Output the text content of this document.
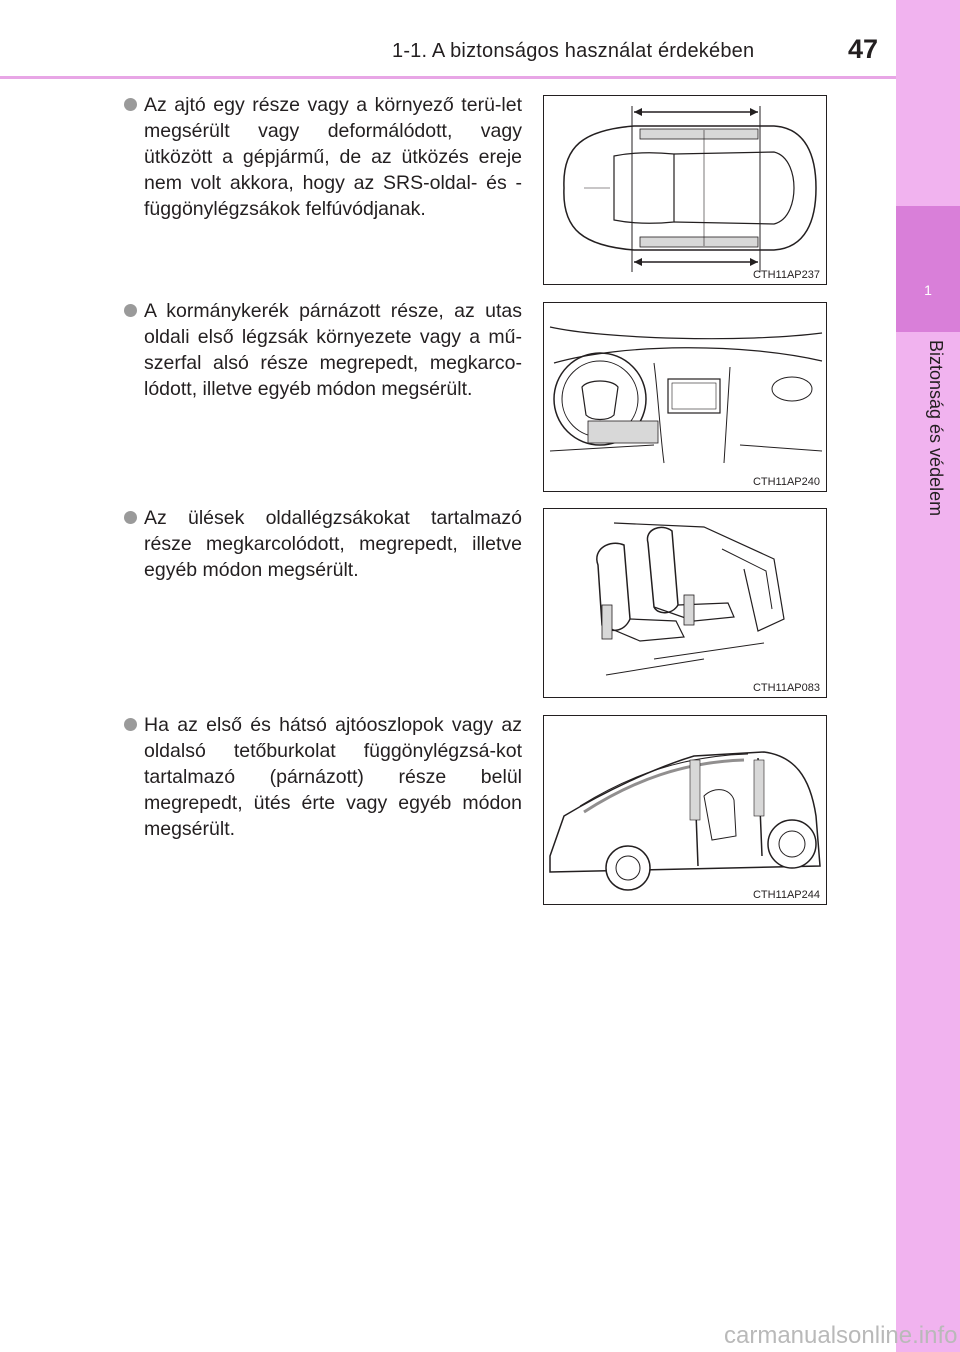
1-1. A biztonságos használat érdekében	47
1
Biztonság és védelem
Az ajtó egy része vagy a környező terü-let megsérült vagy deformálódott, vagy ütközött a gépjármű, de az ütközés ereje nem volt akkora, hogy az SRS-oldal- és -függönylégzsákok felfúvódjanak.
CTH11AP237
A kormánykerék párnázott része, az utas oldali első légzsák környezete vagy a mű-szerfal alsó része megrepedt, megkarco-lódott, illetve egyéb módon megsérült.
CTH11AP240
Az ülések oldallégzsákokat tartalmazó része megkarcolódott, megrepedt, illetve egyéb módon megsérült.
CTH11AP083
Ha az első és hátsó ajtóoszlopok vagy az oldalsó tetőburkolat függönylégzsá-kot tartalmazó (párnázott) része belül megrepedt, ütés érte vagy egyéb módon megsérült.
CTH11AP244
carmanualsonline.info
